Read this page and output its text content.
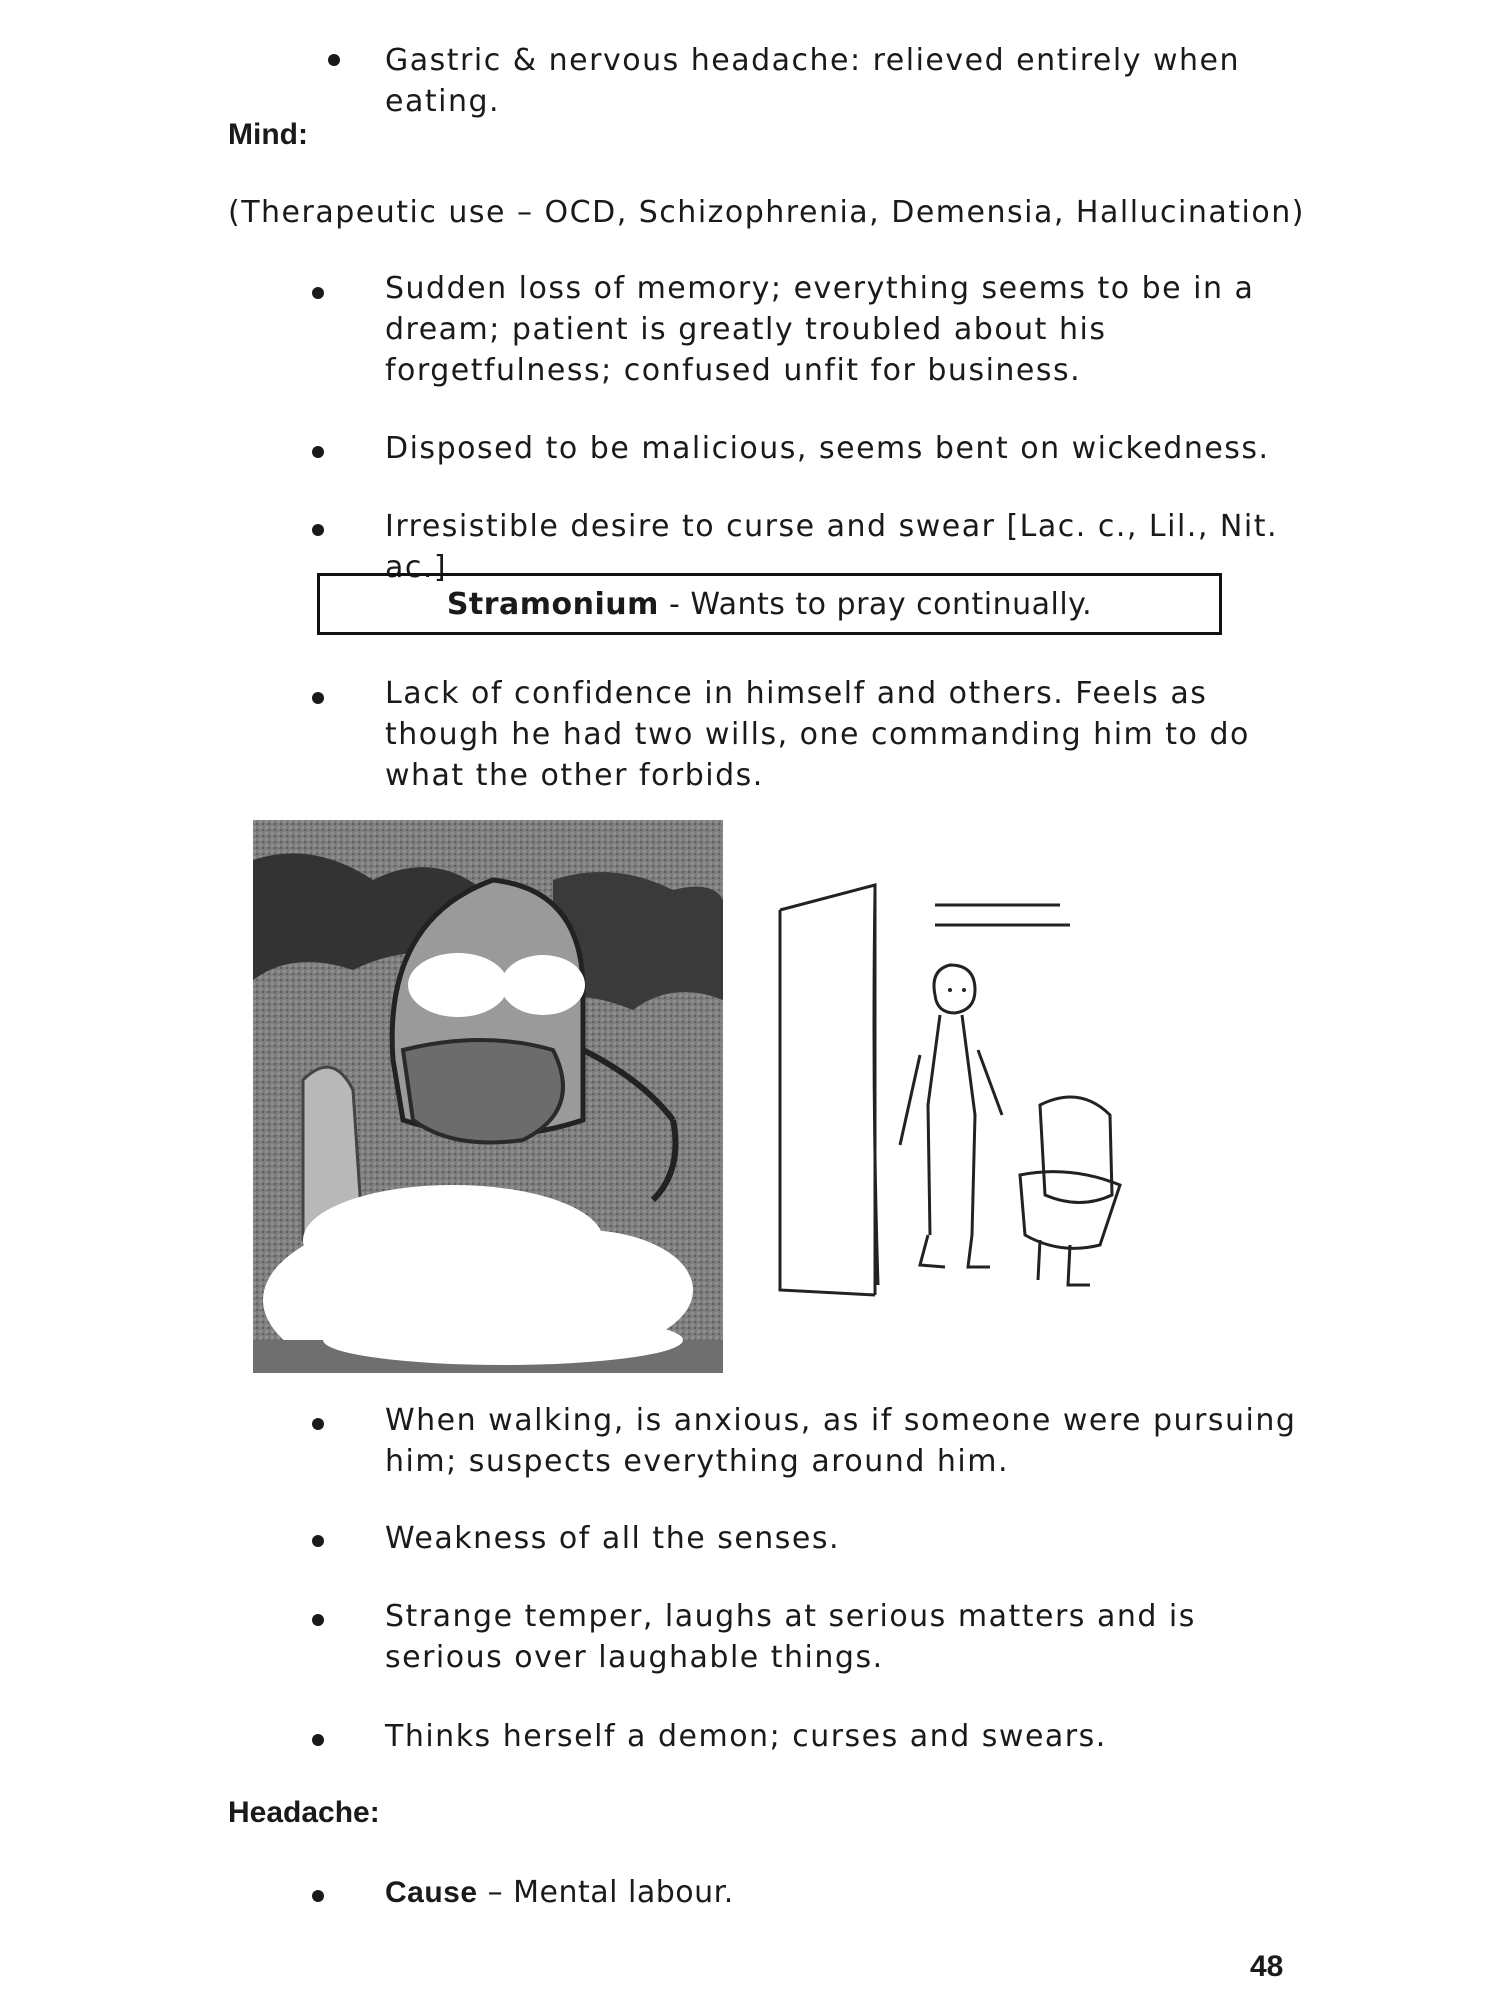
Gastric & nervous headache: relieved entirely when eating.
Mind:
(Therapeutic use – OCD, Schizophrenia, Demensia, Hallucination)
Sudden loss of memory; everything seems to be in a dream; patient is greatly troubled about his forgetfulness; confused unfit for business.
Disposed to be malicious, seems bent on wickedness.
Irresistible desire to curse and swear [Lac. c., Lil., Nit. ac.]
Stramonium - Wants to pray continually.
Lack of confidence in himself and others. Feels as though he had two wills, one commanding him to do what the other forbids.
When walking, is anxious, as if someone were pursuing him; suspects everything around him.
Weakness of all the senses.
Strange temper, laughs at serious matters and is serious over laughable things.
Thinks herself a demon; curses and swears.
Headache:
Cause – Mental labour.
48
